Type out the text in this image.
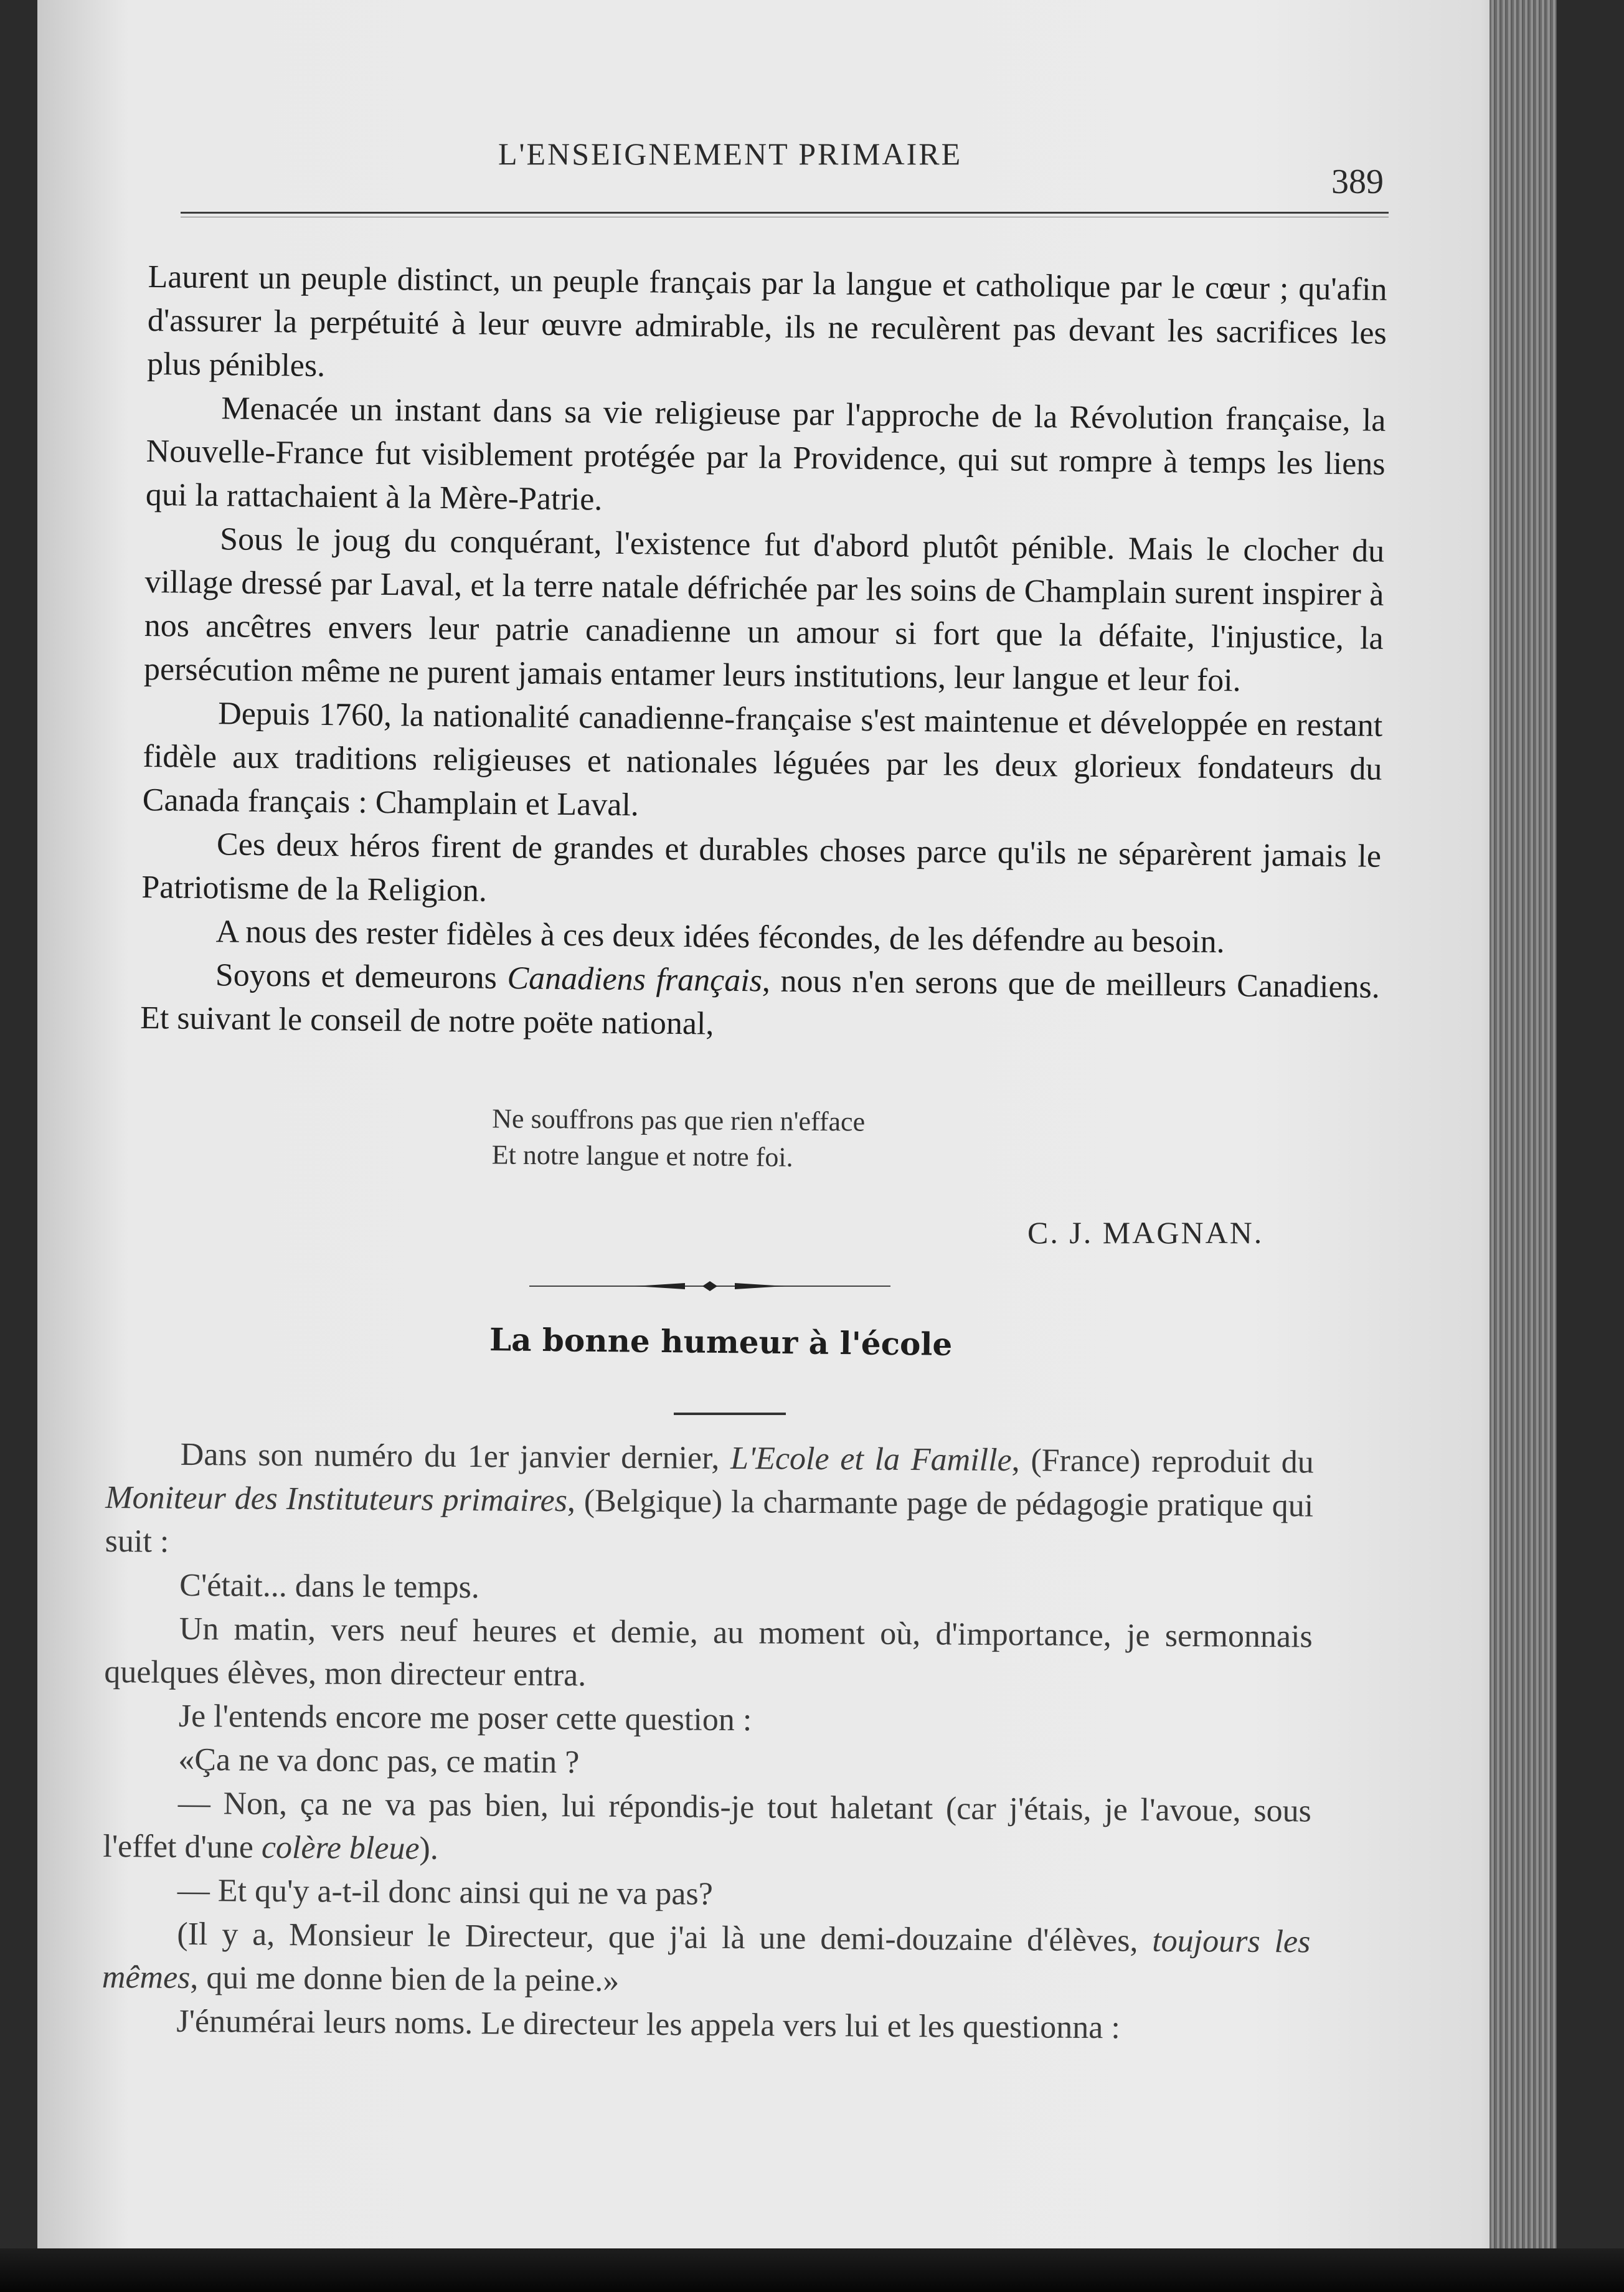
L'ENSEIGNEMENT PRIMAIRE
389

Laurent un peuple distinct, un peuple français par la langue et catholique par le cœur ; qu'afin d'assurer la perpétuité à leur œuvre admirable, ils ne reculèrent pas devant les sacrifices les plus pénibles.

Menacée un instant dans sa vie religieuse par l'approche de la Révolution française, la Nouvelle-France fut visiblement protégée par la Providence, qui sut rompre à temps les liens qui la rattachaient à la Mère-Patrie.

Sous le joug du conquérant, l'existence fut d'abord plutôt pénible. Mais le clocher du village dressé par Laval, et la terre natale défrichée par les soins de Champlain surent inspirer à nos ancêtres envers leur patrie canadienne un amour si fort que la défaite, l'injustice, la persécution même ne purent jamais entamer leurs institutions, leur langue et leur foi.

Depuis 1760, la nationalité canadienne-française s'est maintenue et développée en restant fidèle aux traditions religieuses et nationales léguées par les deux glorieux fondateurs du Canada français : Champlain et Laval.

Ces deux héros firent de grandes et durables choses parce qu'ils ne séparèrent jamais le Patriotisme de la Religion.

A nous des rester fidèles à ces deux idées fécondes, de les défendre au besoin.

Soyons et demeurons Canadiens français, nous n'en serons que de meilleurs Canadiens. Et suivant le conseil de notre poëte national,

Ne souffrons pas que rien n'efface
Et notre langue et notre foi.
C. J. MAGNAN.
La bonne humeur à l'école

Dans son numéro du 1er janvier dernier, L'Ecole et la Famille, (France) reproduit du Moniteur des Instituteurs primaires, (Belgique) la charmante page de pédagogie pratique qui suit :

C'était... dans le temps.

Un matin, vers neuf heures et demie, au moment où, d'importance, je sermonnais quelques élèves, mon directeur entra.

Je l'entends encore me poser cette question :

«Ça ne va donc pas, ce matin ?

— Non, ça ne va pas bien, lui répondis-je tout haletant (car j'étais, je l'avoue, sous l'effet d'une colère bleue).

— Et qu'y a-t-il donc ainsi qui ne va pas?

(Il y a, Monsieur le Directeur, que j'ai là une demi-douzaine d'élèves, toujours les mêmes, qui me donne bien de la peine.»

J'énumérai leurs noms. Le directeur les appela vers lui et les questionna :
